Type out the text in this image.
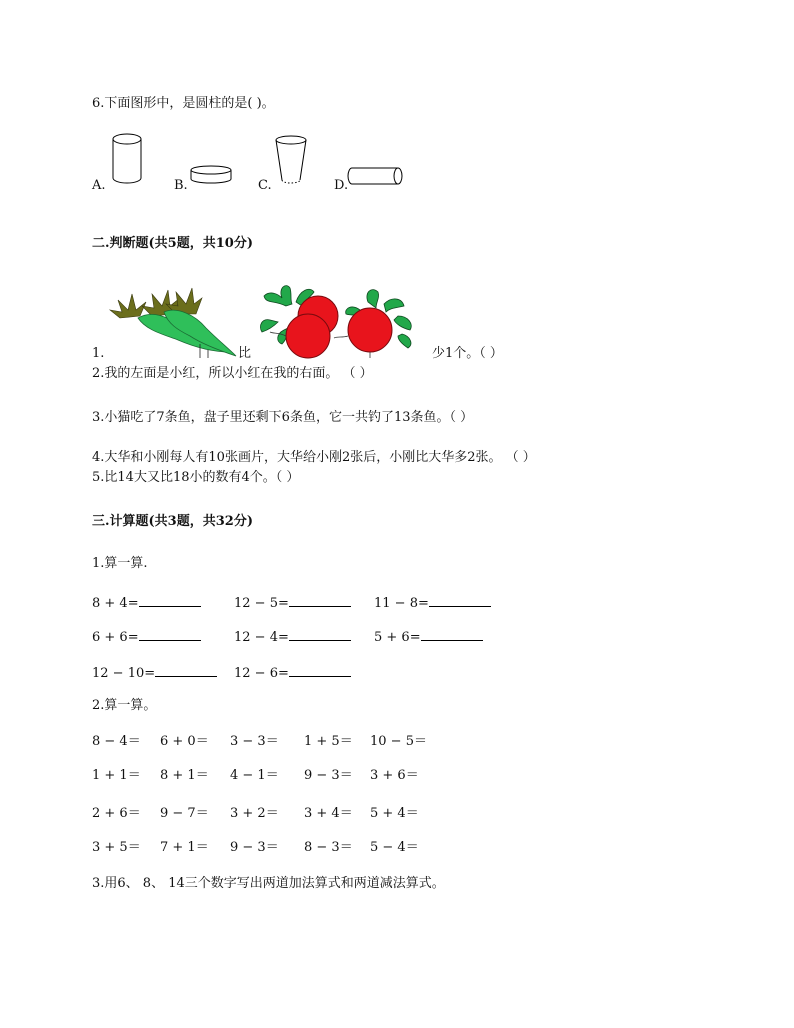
6.下面图形中，是圆柱的是( )。
A.	B.	C.	D.
二.判断题(共5题，共10分)
1.	比	少1个。（ ）
2.我的左面是小红，所以小红在我的右面。 （ ）
3.小猫吃了7条鱼，盘子里还剩下6条鱼，它一共钓了13条鱼。（ ）
4.大华和小刚每人有10张画片，大华给小刚2张后，小刚比大华多2张。 （ ）
5.比14大又比18小的数有4个。（ ）
三.计算题(共3题，共32分)
1.算一算.
8 + 4=	12 − 5=	11 − 8=
6 + 6=	12 − 4=	5 + 6=
12 − 10=	12 − 6=
2.算一算。
8 − 4＝ 6 + 0＝ 3 − 3＝ 1 + 5＝ 10 − 5＝
1 + 1＝ 8 + 1＝ 4 − 1＝ 9 − 3＝ 3 + 6＝
2 + 6＝ 9 − 7＝ 3 + 2＝ 3 + 4＝ 5 + 4＝
3 + 5＝ 7 + 1＝ 9 − 3＝ 8 − 3＝ 5 − 4＝
3.用6、 8、 14三个数字写出两道加法算式和两道减法算式。
